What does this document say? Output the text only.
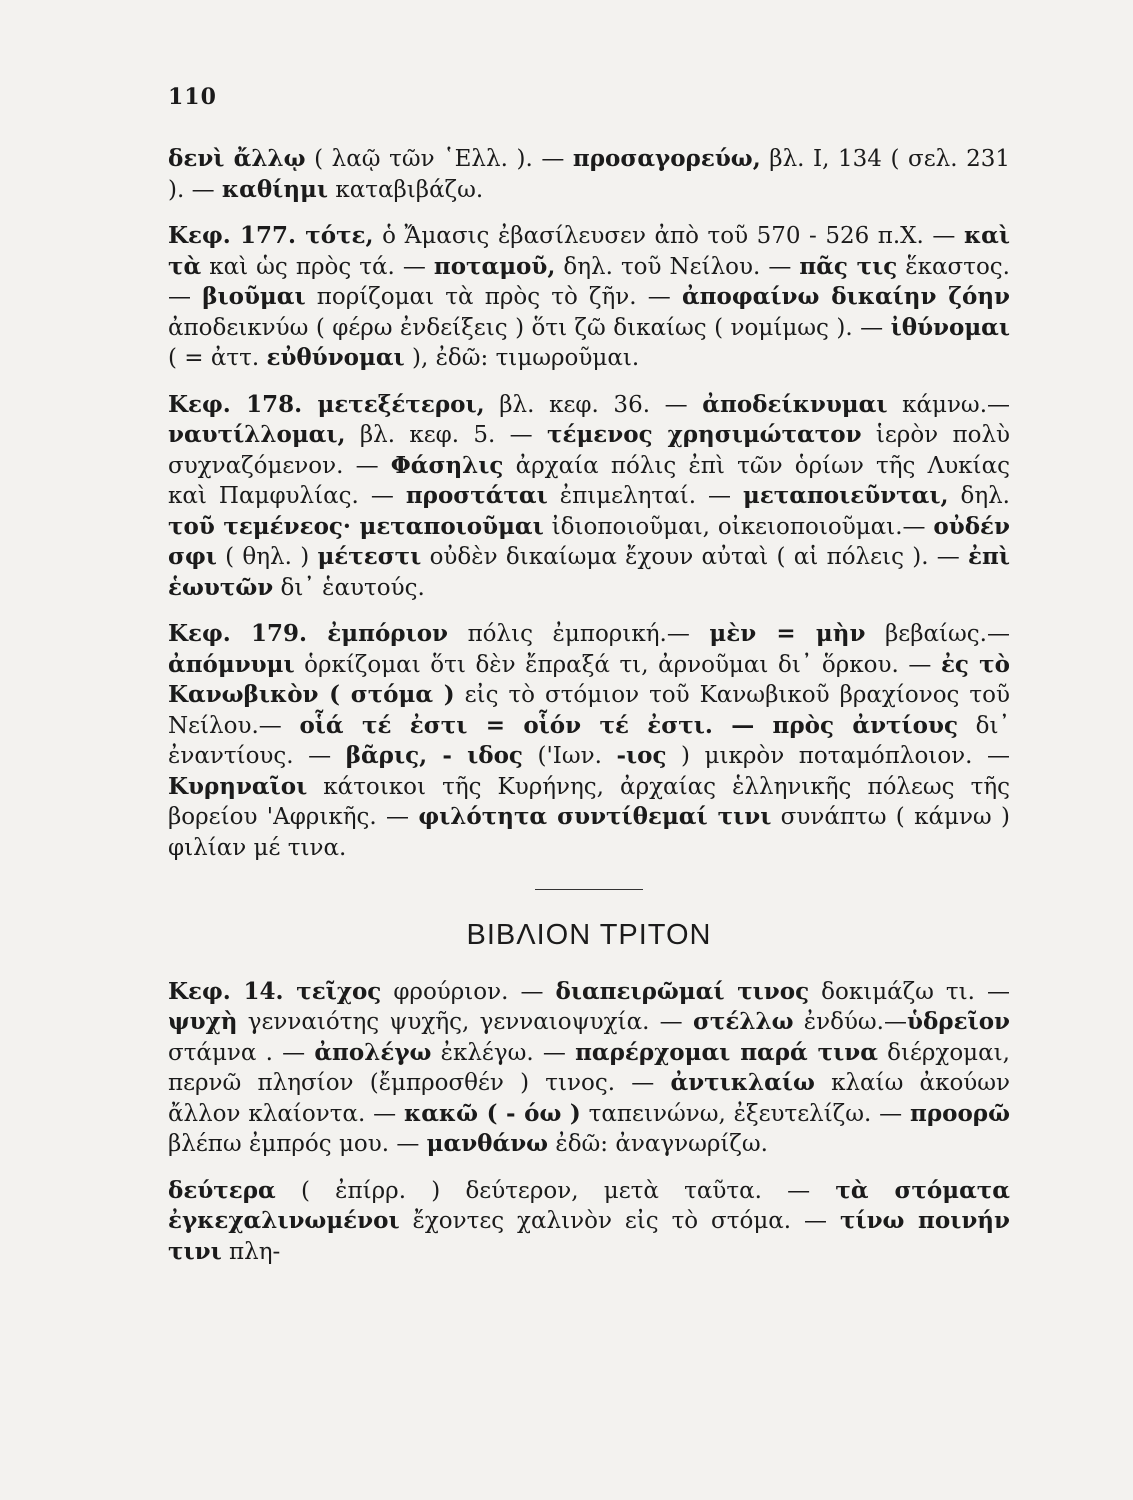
110

δενὶ ἄλλῳ ( λαῷ τῶν ῾Ελλ. ). — προσαγορεύω, βλ. I, 134 ( σελ. 231 ). — καθίημι καταβιβάζω.

Κεφ. 177. τότε, ὁ Ἄμασις ἐβασίλευσεν ἀπὸ τοῦ 570 - 526 π.Χ. — καὶ τὰ καὶ ὡς πρὸς τά. — ποταμοῦ, δηλ. τοῦ Νείλου. — πᾶς τις ἕκαστος. — βιοῦμαι πορίζομαι τὰ πρὸς τὸ ζῆν. — ἀποφαίνω δικαίην ζόην ἀποδεικνύω ( φέρω ἐνδείξεις ) ὅτι ζῶ δικαίως ( νομίμως ). — ἰθύνομαι ( = ἀττ. εὐθύνομαι ), ἐδῶ: τιμωροῦμαι.

Κεφ. 178. μετεξέτεροι, βλ. κεφ. 36. — ἀποδείκνυμαι κάμνω.— ναυτίλλομαι, βλ. κεφ. 5. — τέμενος χρησιμώτατον ἱερὸν πολὺ συχναζόμενον. — Φάσηλις ἀρχαία πόλις ἐπὶ τῶν ὁρίων τῆς Λυκίας καὶ Παμφυλίας. — προστάται ἐπιμεληταί. — μεταποιεῦνται, δηλ. τοῦ τεμένεος· μεταποιοῦμαι ἰδιοποιοῦμαι, οἰκειοποιοῦμαι.— οὐδέν σφι ( θηλ. ) μέτεστι οὐδὲν δικαίωμα ἔχουν αὐταὶ ( αἱ πόλεις ). — ἐπὶ ἑωυτῶν δι᾽ ἑαυτούς.

Κεφ. 179. ἐμπόριον πόλις ἐμπορική.— μὲν = μὴν βεβαίως.— ἀπόμνυμι ὁρκίζομαι ὅτι δὲν ἔπραξά τι, ἀρνοῦμαι δι᾽ ὅρκου. — ἐς τὸ Κανωβικὸν ( στόμα ) εἰς τὸ στόμιον τοῦ Κανωβικοῦ βραχίονος τοῦ Νείλου.— οἷά τέ ἐστι = οἷόν τέ ἐστι. — πρὸς ἀντίους δι᾽ ἐναντίους. — βᾶρις, - ιδος ('Ιων. -ιος ) μικρὸν ποταμόπλοιον. — Κυρηναῖοι κάτοικοι τῆς Κυρήνης, ἀρχαίας ἑλληνικῆς πόλεως τῆς βορείου 'Αφρικῆς. — φιλότητα συντίθεμαί τινι συνάπτω ( κάμνω ) φιλίαν μέ τινα.

ΒΙΒΛΙΟΝ ΤΡΙΤΟΝ

Κεφ. 14. τεῖχος φρούριον. — διαπειρῶμαί τινος δοκιμάζω τι. — ψυχὴ γενναιότης ψυχῆς, γενναιοψυχία. — στέλλω ἐνδύω.—ὑδρεῖον στάμνα . — ἀπολέγω ἐκλέγω. — παρέρχομαι παρά τινα διέρχομαι, περνῶ πλησίον (ἔμπροσθέν ) τινος. — ἀντικλαίω κλαίω ἀκούων ἄλλον κλαίοντα. — κακῶ ( - όω ) ταπεινώνω, ἐξευτελίζω. — προορῶ βλέπω ἐμπρός μου. — μανθάνω ἐδῶ: ἀναγνωρίζω.

δεύτερα ( ἐπίρρ. ) δεύτερον, μετὰ ταῦτα. — τὰ στόματα ἐγκεχαλινωμένοι ἔχοντες χαλινὸν εἰς τὸ στόμα. — τίνω ποινήν τινι πλη-
